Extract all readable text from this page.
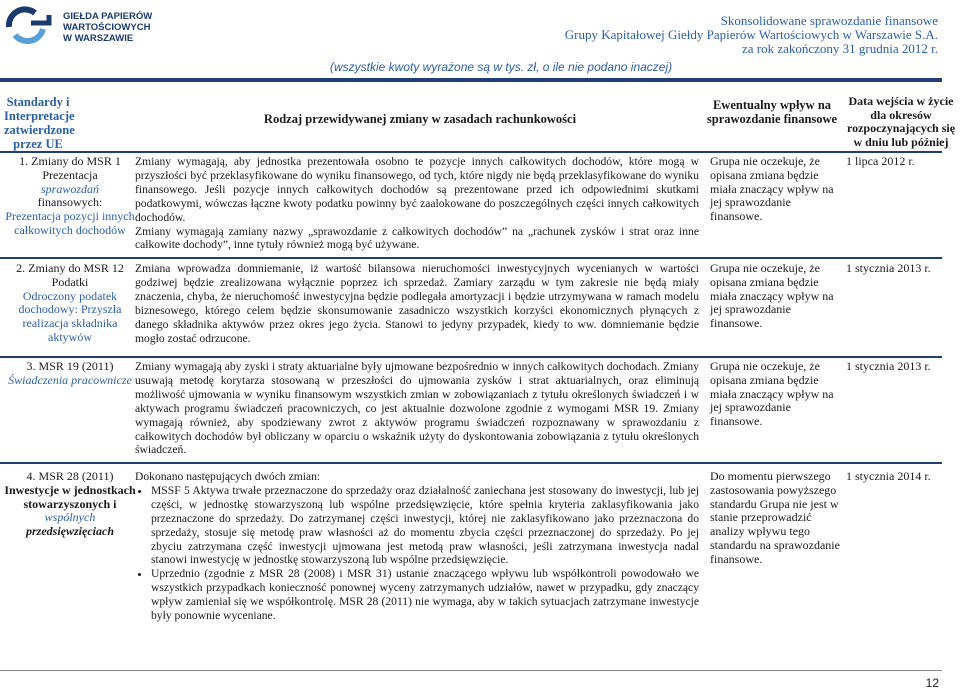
GIEŁDA PAPIERÓW
WARTOŚCIOWYCH
W WARSZAWIE
Skonsolidowane sprawozdanie finansowe
Grupy Kapitałowej Giełdy Papierów Wartościowych w Warszawie S.A.
za rok zakończony 31 grudnia 2012 r.
(wszystkie kwoty wyrażone są w tys. zł, o ile nie podano inaczej)
Standardy i Interpretacje zatwierdzone przez UE
Rodzaj przewidywanej zmiany w zasadach rachunkowości
Ewentualny wpływ na sprawozdanie finansowe
Data wejścia w życie dla okresów rozpoczynających się w dniu lub później
1. Zmiany do MSR 1
Prezentacja
sprawozdań
finansowych:
Prezentacja pozycji innych całkowitych dochodów
Zmiany wymagają, aby jednostka prezentowała osobno te pozycje innych całkowitych dochodów, które mogą w przyszłości być przeklasyfikowane do wyniku finansowego, od tych, które nigdy nie będą przeklasyfikowane do wyniku finansowego. Jeśli pozycje innych całkowitych dochodów są prezentowane przed ich odpowiednimi skutkami podatkowymi, wówczas łączne kwoty podatku powinny być zaalokowane do poszczególnych części innych całkowitych dochodów.
Zmiany wymagają zamiany nazwy „sprawozdanie z całkowitych dochodów” na „rachunek zysków i strat oraz inne całkowite dochody”, inne tytuły również mogą być używane.
Grupa nie oczekuje, że opisana zmiana będzie miała znaczący wpływ na jej sprawozdanie finansowe.
1 lipca 2012 r.
2. Zmiany do MSR 12
Podatki
Odroczony podatek dochodowy: Przyszła realizacja składnika aktywów
Zmiana wprowadza domniemanie, iż wartość bilansowa nieruchomości inwestycyjnych wycenianych w wartości godziwej będzie zrealizowana wyłącznie poprzez ich sprzedaż. Zamiary zarządu w tym zakresie nie będą miały znaczenia, chyba, że nieruchomość inwestycyjna będzie podlegała amortyzacji i będzie utrzymywana w ramach modelu biznesowego, którego celem będzie skonsumowanie zasadniczo wszystkich korzyści ekonomicznych płynących z danego składnika aktywów przez okres jego życia. Stanowi to jedyny przypadek, kiedy to ww. domniemanie będzie mogło zostać odrzucone.
Grupa nie oczekuje, że opisana zmiana będzie miała znaczący wpływ na jej sprawozdanie finansowe.
1 stycznia 2013 r.
3. MSR 19 (2011)
Świadczenia pracownicze
Zmiany wymagają aby zyski i straty aktuarialne były ujmowane bezpośrednio w innych całkowitych dochodach. Zmiany usuwają metodę korytarza stosowaną w przeszłości do ujmowania zysków i strat aktuarialnych, oraz eliminują możliwość ujmowania w wyniku finansowym wszystkich zmian w zobowiązaniach z tytułu określonych świadczeń i w aktywach programu świadczeń pracowniczych, co jest aktualnie dozwolone zgodnie z wymogami MSR 19. Zmiany wymagają również, aby spodziewany zwrot z aktywów programu świadczeń rozpoznawany w sprawozdaniu z całkowitych dochodów był obliczany w oparciu o wskaźnik użyty do dyskontowania zobowiązania z tytułu określonych świadczeń.
Grupa nie oczekuje, że opisana zmiana będzie miała znaczący wpływ na jej sprawozdanie finansowe.
1 stycznia 2013 r.
4. MSR 28 (2011)
Inwestycje w jednostkach stowarzyszonych i
wspólnych
przedsięwzięciach
Dokonano następujących dwóch zmian:
• MSSF 5 Aktywa trwałe przeznaczone do sprzedaży oraz działalność zaniechana jest stosowany do inwestycji, lub jej części, w jednostkę stowarzyszoną lub wspólne przedsięwzięcie, które spełnia kryteria zaklasyfikowania jako przeznaczone do sprzedaży. Do zatrzymanej części inwestycji, której nie zaklasyfikowano jako przeznaczona do sprzedaży, stosuje się metodę praw własności aż do momentu zbycia części przeznaczonej do sprzedaży. Po jej zbyciu zatrzymana część inwestycji ujmowana jest metodą praw własności, jeśli zatrzymana inwestycja nadal stanowi inwestycję w jednostkę stowarzyszoną lub wspólne przedsięwzięcie.
• Uprzednio (zgodnie z MSR 28 (2008) i MSR 31) ustanie znaczącego wpływu lub współkontroli powodowało we wszystkich przypadkach konieczność ponownej wyceny zatrzymanych udziałów, nawet w przypadku, gdy znaczący wpływ zamieniał się we współkontrolę. MSR 28 (2011) nie wymaga, aby w takich sytuacjach zatrzymane inwestycje były ponownie wyceniane.
Do momentu pierwszego zastosowania powyższego standardu Grupa nie jest w stanie przeprowadzić analizy wpływu tego standardu na sprawozdanie finansowe.
1 stycznia 2014 r.
12
